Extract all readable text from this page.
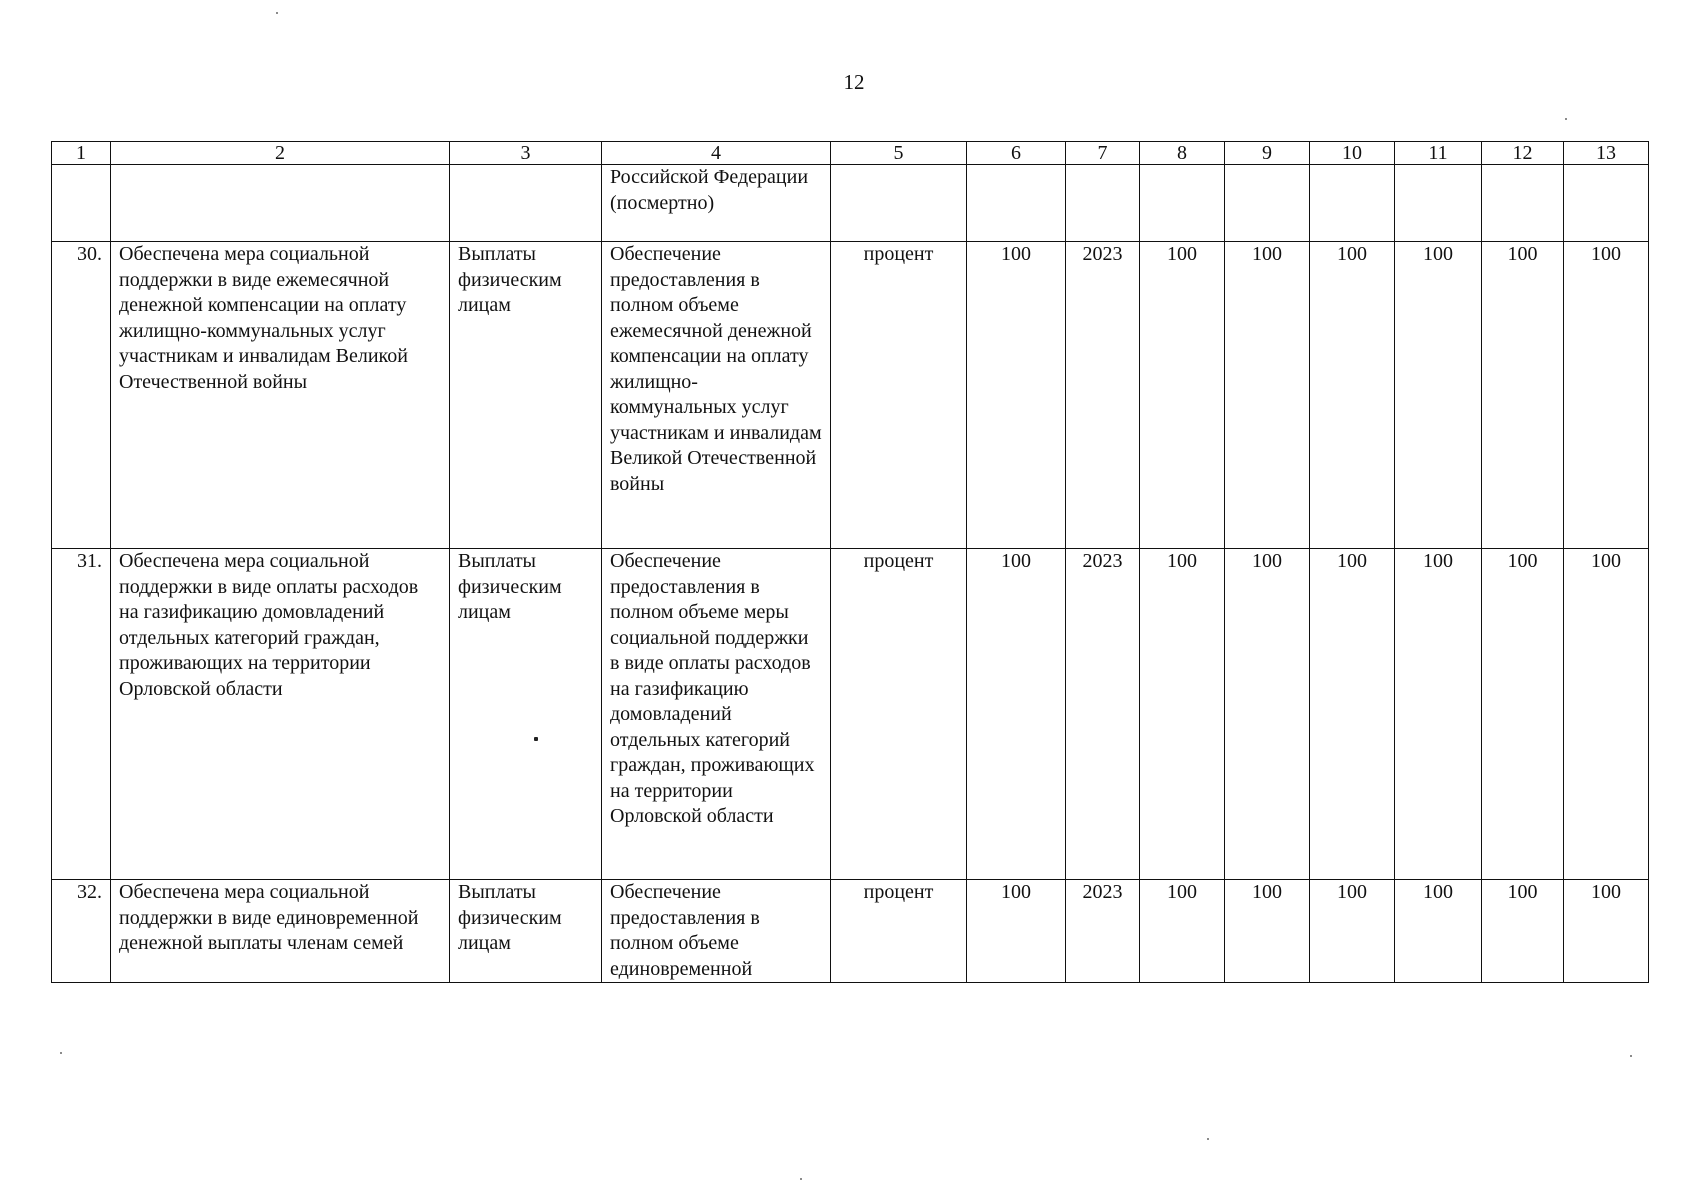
12
1	2	3	4	5	6	7	8	9	10	11	12	13
			Российской Федерации (посмертно)									
30.	Обеспечена мера социальной поддержки в виде ежемесячной денежной компенсации на оплату жилищно-коммунальных услуг участникам и инвалидам Великой Отечественной войны	Выплаты физическим лицам	Обеспечение предоставления в полном объеме ежемесячной денежной компенсации на оплату жилищно-коммунальных услуг участникам и инвалидам Великой Отечественной войны	процент	100	2023	100	100	100	100	100	100
31.	Обеспечена мера социальной поддержки в виде оплаты расходов на газификацию домовладений отдельных категорий граждан, проживающих на территории Орловской области	Выплаты физическим лицам	Обеспечение предоставления в полном объеме меры социальной поддержки в виде оплаты расходов на газификацию домовладений отдельных категорий граждан, проживающих на территории Орловской области	процент	100	2023	100	100	100	100	100	100
32.	Обеспечена мера социальной поддержки в виде единовременной денежной выплаты членам семей	Выплаты физическим лицам	Обеспечение предоставления в полном объеме единовременной	процент	100	2023	100	100	100	100	100	100
